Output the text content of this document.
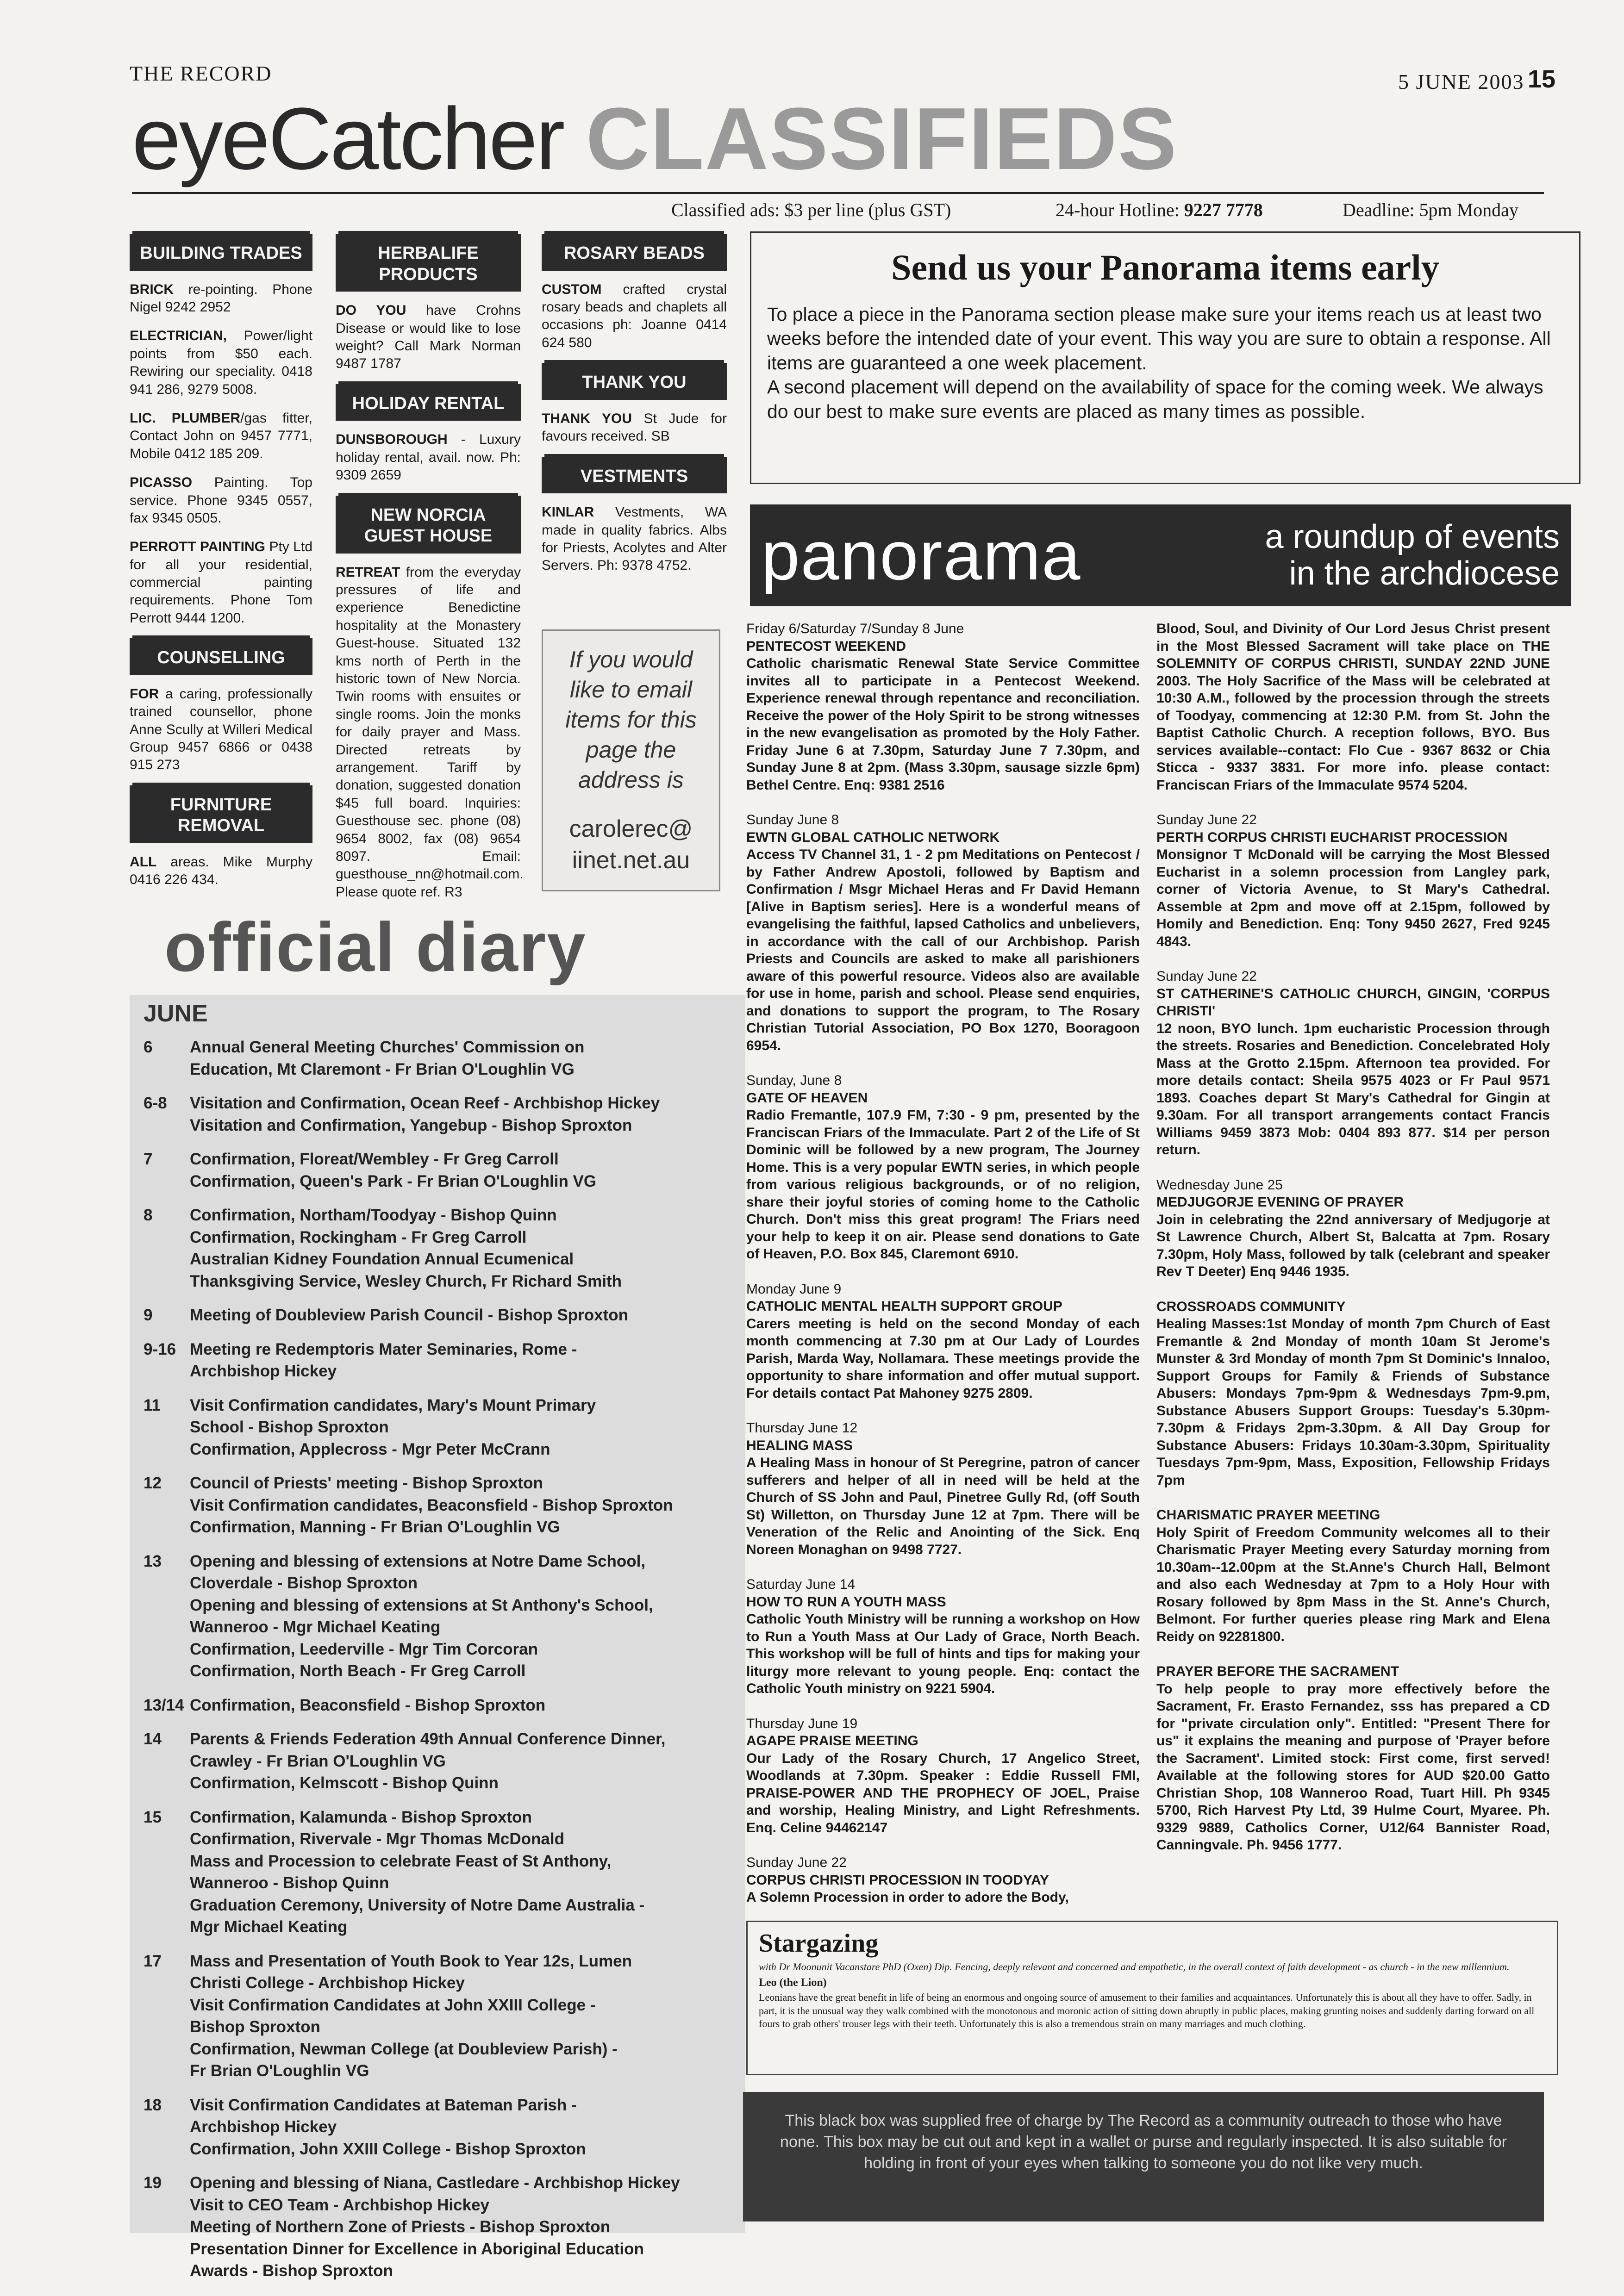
THE RECORD	5 JUNE 2003 15
eyeCatcher CLASSIFIEDS
Classified ads: $3 per line (plus GST)	24-hour Hotline: 9227 7778	Deadline: 5pm Monday
BUILDING TRADES
BRICK re-pointing. Phone Nigel 9242 2952
ELECTRICIAN, Power/light points from $50 each. Rewiring our speciality. 0418 941 286, 9279 5008.
LIC. PLUMBER/gas fitter, Contact John on 9457 7771, Mobile 0412 185 209.
PICASSO Painting. Top service. Phone 9345 0557, fax 9345 0505.
PERROTT PAINTING Pty Ltd for all your residential, commercial painting requirements. Phone Tom Perrott 9444 1200.
COUNSELLING
FOR a caring, professionally trained counsellor, phone Anne Scully at Willeri Medical Group 9457 6866 or 0438 915 273
FURNITURE REMOVAL
ALL areas. Mike Murphy 0416 226 434.
HERBALIFE PRODUCTS
DO YOU have Crohns Disease or would like to lose weight? Call Mark Norman 9487 1787
HOLIDAY RENTAL
DUNSBOROUGH - Luxury holiday rental, avail. now. Ph: 9309 2659
NEW NORCIA GUEST HOUSE
RETREAT from the everyday pressures of life and experience Benedictine hospitality at the Monastery Guest-house. Situated 132 kms north of Perth in the historic town of New Norcia. Twin rooms with ensuites or single rooms. Join the monks for daily prayer and Mass. Directed retreats by arrangement. Tariff by donation, suggested donation $45 full board. Inquiries: Guesthouse sec. phone (08) 9654 8002, fax (08) 9654 8097. Email: guesthouse_nn@hotmail.com. Please quote ref. R3
ROSARY BEADS
CUSTOM crafted crystal rosary beads and chaplets all occasions ph: Joanne 0414 624 580
THANK YOU
THANK YOU St Jude for favours received. SB
VESTMENTS
KINLAR Vestments, WA made in quality fabrics. Albs for Priests, Acolytes and Alter Servers. Ph: 9378 4752.
If you would like to email items for this page the address is
carolerec@ iinet.net.au
Send us your Panorama items early

To place a piece in the Panorama section please make sure your items reach us at least two weeks before the intended date of your event. This way you are sure to obtain a response. All items are guaranteed a one week placement.

A second placement will depend on the availability of space for the coming week. We always do our best to make sure events are placed as many times as possible.

panorama	a roundup of events
in the archdiocese
Friday 6/Saturday 7/Sunday 8 June
PENTECOST WEEKEND
Catholic charismatic Renewal State Service Committee invites all to participate in a Pentecost Weekend. Experience renewal through repentance and reconciliation. Receive the power of the Holy Spirit to be strong witnesses in the new evangelisation as promoted by the Holy Father. Friday June 6 at 7.30pm, Saturday June 7 7.30pm, and Sunday June 8 at 2pm. (Mass 3.30pm, sausage sizzle 6pm) Bethel Centre. Enq: 9381 2516
Sunday June 8
EWTN GLOBAL CATHOLIC NETWORK
Access TV Channel 31, 1 - 2 pm Meditations on Pentecost / by Father Andrew Apostoli, followed by Baptism and Confirmation / Msgr Michael Heras and Fr David Hemann [Alive in Baptism series]. Here is a wonderful means of evangelising the faithful, lapsed Catholics and unbelievers, in accordance with the call of our Archbishop. Parish Priests and Councils are asked to make all parishioners aware of this powerful resource. Videos also are available for use in home, parish and school. Please send enquiries, and donations to support the program, to The Rosary Christian Tutorial Association, PO Box 1270, Booragoon 6954.
Sunday, June 8
GATE OF HEAVEN
Radio Fremantle, 107.9 FM, 7:30 - 9 pm, presented by the Franciscan Friars of the Immaculate. Part 2 of the Life of St Dominic will be followed by a new program, The Journey Home. This is a very popular EWTN series, in which people from various religious backgrounds, or of no religion, share their joyful stories of coming home to the Catholic Church. Don't miss this great program! The Friars need your help to keep it on air. Please send donations to Gate of Heaven, P.O. Box 845, Claremont 6910.
Monday June 9
CATHOLIC MENTAL HEALTH SUPPORT GROUP
Carers meeting is held on the second Monday of each month commencing at 7.30 pm at Our Lady of Lourdes Parish, Marda Way, Nollamara. These meetings provide the opportunity to share information and offer mutual support. For details contact Pat Mahoney 9275 2809.
Thursday June 12
HEALING MASS
A Healing Mass in honour of St Peregrine, patron of cancer sufferers and helper of all in need will be held at the Church of SS John and Paul, Pinetree Gully Rd, (off South St) Willetton, on Thursday June 12 at 7pm. There will be Veneration of the Relic and Anointing of the Sick. Enq Noreen Monaghan on 9498 7727.
Saturday June 14
HOW TO RUN A YOUTH MASS
Catholic Youth Ministry will be running a workshop on How to Run a Youth Mass at Our Lady of Grace, North Beach. This workshop will be full of hints and tips for making your liturgy more relevant to young people. Enq: contact the Catholic Youth ministry on 9221 5904.
Thursday June 19
AGAPE PRAISE MEETING
Our Lady of the Rosary Church, 17 Angelico Street, Woodlands at 7.30pm. Speaker : Eddie Russell FMI, PRAISE-POWER AND THE PROPHECY OF JOEL, Praise and worship, Healing Ministry, and Light Refreshments. Enq. Celine 94462147
Sunday June 22
CORPUS CHRISTI PROCESSION IN TOODYAY
A Solemn Procession in order to adore the Body,
Blood, Soul, and Divinity of Our Lord Jesus Christ present in the Most Blessed Sacrament will take place on THE SOLEMNITY OF CORPUS CHRISTI, SUNDAY 22ND JUNE 2003. The Holy Sacrifice of the Mass will be celebrated at 10:30 A.M., followed by the procession through the streets of Toodyay, commencing at 12:30 P.M. from St. John the Baptist Catholic Church. A reception follows, BYO. Bus services available--contact: Flo Cue - 9367 8632 or Chia Sticca - 9337 3831. For more info. please contact: Franciscan Friars of the Immaculate 9574 5204.
Sunday June 22
PERTH CORPUS CHRISTI EUCHARIST PROCESSION
Monsignor T McDonald will be carrying the Most Blessed Eucharist in a solemn procession from Langley park, corner of Victoria Avenue, to St Mary's Cathedral. Assemble at 2pm and move off at 2.15pm, followed by Homily and Benediction. Enq: Tony 9450 2627, Fred 9245 4843.
Sunday June 22
ST CATHERINE'S CATHOLIC CHURCH, GINGIN, 'CORPUS CHRISTI'
12 noon, BYO lunch. 1pm eucharistic Procession through the streets. Rosaries and Benediction. Concelebrated Holy Mass at the Grotto 2.15pm. Afternoon tea provided. For more details contact: Sheila 9575 4023 or Fr Paul 9571 1893. Coaches depart St Mary's Cathedral for Gingin at 9.30am. For all transport arrangements contact Francis Williams 9459 3873 Mob: 0404 893 877. $14 per person return.
Wednesday June 25
MEDJUGORJE EVENING OF PRAYER
Join in celebrating the 22nd anniversary of Medjugorje at St Lawrence Church, Albert St, Balcatta at 7pm. Rosary 7.30pm, Holy Mass, followed by talk (celebrant and speaker Rev T Deeter) Enq 9446 1935.
CROSSROADS COMMUNITY
Healing Masses:1st Monday of month 7pm Church of East Fremantle & 2nd Monday of month 10am St Jerome's Munster & 3rd Monday of month 7pm St Dominic's Innaloo, Support Groups for Family & Friends of Substance Abusers: Mondays 7pm-9pm & Wednesdays 7pm-9.pm, Substance Abusers Support Groups: Tuesday's 5.30pm-7.30pm & Fridays 2pm-3.30pm. & All Day Group for Substance Abusers: Fridays 10.30am-3.30pm, Spirituality Tuesdays 7pm-9pm, Mass, Exposition, Fellowship Fridays 7pm
CHARISMATIC PRAYER MEETING
Holy Spirit of Freedom Community welcomes all to their Charismatic Prayer Meeting every Saturday morning from 10.30am--12.00pm at the St.Anne's Church Hall, Belmont and also each Wednesday at 7pm to a Holy Hour with Rosary followed by 8pm Mass in the St. Anne's Church, Belmont. For further queries please ring Mark and Elena Reidy on 92281800.
PRAYER BEFORE THE SACRAMENT
To help people to pray more effectively before the Sacrament, Fr. Erasto Fernandez, sss has prepared a CD for "private circulation only". Entitled: "Present There for us" it explains the meaning and purpose of 'Prayer before the Sacrament'. Limited stock: First come, first served! Available at the following stores for AUD $20.00 Gatto Christian Shop, 108 Wanneroo Road, Tuart Hill. Ph 9345 5700, Rich Harvest Pty Ltd, 39 Hulme Court, Myaree. Ph. 9329 9889, Catholics Corner, U12/64 Bannister Road, Canningvale. Ph. 9456 1777.
official diary
JUNE
6	Annual General Meeting Churches' Commission on
Education, Mt Claremont - Fr Brian O'Loughlin VG
6-8	Visitation and Confirmation, Ocean Reef - Archbishop Hickey
Visitation and Confirmation, Yangebup - Bishop Sproxton
7	Confirmation, Floreat/Wembley - Fr Greg Carroll
Confirmation, Queen's Park - Fr Brian O'Loughlin VG
8	Confirmation, Northam/Toodyay - Bishop Quinn
Confirmation, Rockingham - Fr Greg Carroll
Australian Kidney Foundation Annual Ecumenical
Thanksgiving Service, Wesley Church, Fr Richard Smith
9	Meeting of Doubleview Parish Council - Bishop Sproxton
9-16 Meeting re Redemptoris Mater Seminaries, Rome -
Archbishop Hickey
11	Visit Confirmation candidates, Mary's Mount Primary
School - Bishop Sproxton
Confirmation, Applecross - Mgr Peter McCrann
12	Council of Priests' meeting - Bishop Sproxton
Visit Confirmation candidates, Beaconsfield - Bishop Sproxton
Confirmation, Manning - Fr Brian O'Loughlin VG
13	Opening and blessing of extensions at Notre Dame School,
Cloverdale - Bishop Sproxton
Opening and blessing of extensions at St Anthony's School,
Wanneroo - Mgr Michael Keating
Confirmation, Leederville - Mgr Tim Corcoran
Confirmation, North Beach - Fr Greg Carroll
13/14 Confirmation, Beaconsfield - Bishop Sproxton
14	Parents & Friends Federation 49th Annual Conference Dinner,
Crawley - Fr Brian O'Loughlin VG
Confirmation, Kelmscott - Bishop Quinn
15	Confirmation, Kalamunda - Bishop Sproxton
Confirmation, Rivervale - Mgr Thomas McDonald
Mass and Procession to celebrate Feast of St Anthony,
Wanneroo - Bishop Quinn
Graduation Ceremony, University of Notre Dame Australia -
Mgr Michael Keating
17	Mass and Presentation of Youth Book to Year 12s, Lumen
Christi College - Archbishop Hickey
Visit Confirmation Candidates at John XXIII College -
Bishop Sproxton
Confirmation, Newman College (at Doubleview Parish) -
Fr Brian O'Loughlin VG
18	Visit Confirmation Candidates at Bateman Parish -
Archbishop Hickey
Confirmation, John XXIII College - Bishop Sproxton
19	Opening and blessing of Niana, Castledare - Archbishop Hickey
Visit to CEO Team - Archbishop Hickey
Meeting of Northern Zone of Priests - Bishop Sproxton
Presentation Dinner for Excellence in Aboriginal Education
Awards - Bishop Sproxton
Stargazing
with Dr Moonunit Vacanstare PhD (Oxen) Dip. Fencing, deeply relevant and concerned and empathetic, in the overall context of faith development - as church - in the new millennium.
Leo (the Lion)
Leonians have the great benefit in life of being an enormous and ongoing source of amusement to their families and acquaintances. Unfortunately this is about all they have to offer. Sadly, in part, it is the unusual way they walk combined with the monotonous and moronic action of sitting down abruptly in public places, making grunting noises and suddenly darting forward on all fours to grab others' trouser legs with their teeth. Unfortunately this is also a tremendous strain on many marriages and much clothing.
This black box was supplied free of charge by The Record as a community outreach to those who have none. This box may be cut out and kept in a wallet or purse and regularly inspected. It is also suitable for holding in front of your eyes when talking to someone you do not like very much.
